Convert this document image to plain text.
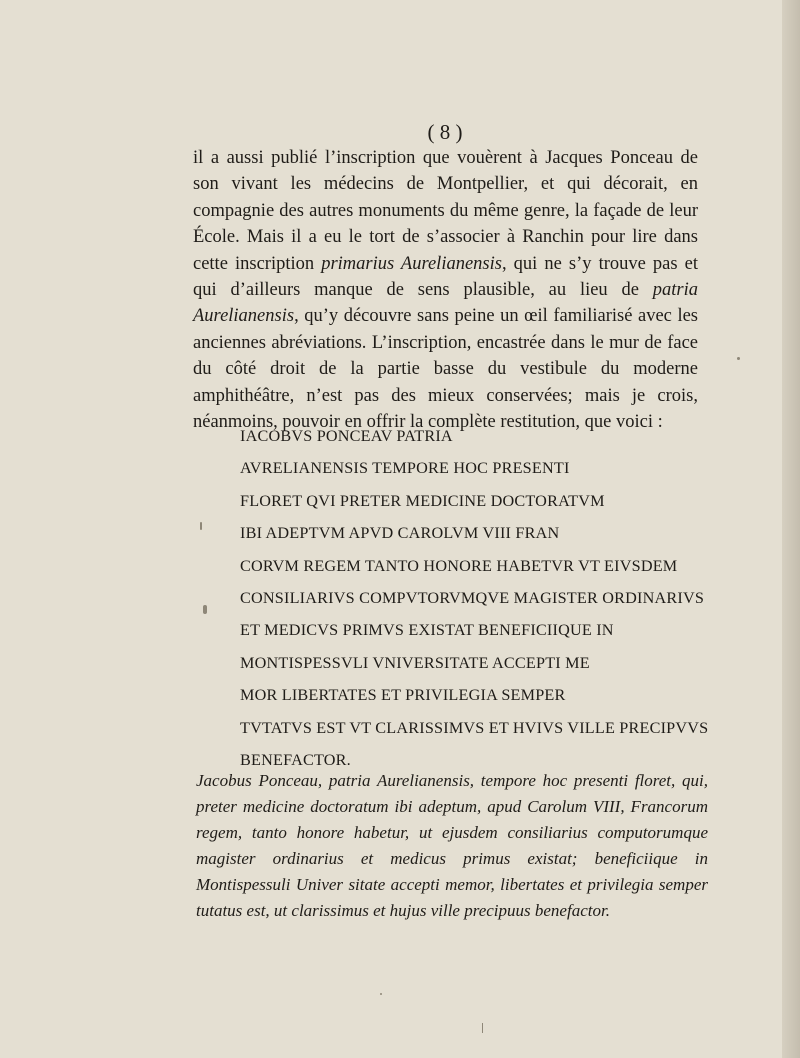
( 8 )

il a aussi publié l’inscription que vouèrent à Jacques Ponceau de son vivant les médecins de Montpellier, et qui décorait, en compagnie des autres monuments du même genre, la façade de leur École. Mais il a eu le tort de s’associer à Ranchin pour lire dans cette inscription primarius Aurelianensis, qui ne s’y trouve pas et qui d’ailleurs manque de sens plausible, au lieu de patria Aurelianensis, qu’y découvre sans peine un œil familiarisé avec les anciennes abréviations. L’inscription, encastrée dans le mur de face du côté droit de la partie basse du vestibule du moderne amphithéâtre, n’est pas des mieux conservées; mais je crois, néanmoins, pouvoir en offrir la complète restitution, que voici :

IACOBVS PONCEAV PATRIA
AVRELIANENSIS TEMPORE HOC PRESENTI
FLORET QVI PRETER MEDICINE DOCTORATVM
IBI ADEPTVM APVD CAROLVM VIII FRAN
CORVM REGEM TANTO HONORE HABETVR VT EIVSDEM
CONSILIARIVS COMPVTORVMQVE MAGISTER ORDINARIVS
ET MEDICVS PRIMVS EXISTAT BENEFICIIQUE IN
MONTISPESSVLI VNIVERSITATE ACCEPTI ME
MOR LIBERTATES ET PRIVILEGIA SEMPER
TVTATVS EST VT CLARISSIMVS ET HVIVS VILLE PRECIPVVS
BENEFACTOR.

Jacobus Ponceau, patria Aurelianensis, tempore hoc presenti floret, qui, preter medicine doctoratum ibi adeptum, apud Carolum VIII, Francorum regem, tanto honore habetur, ut ejusdem consiliarius computorumque magister ordinarius et medicus primus existat; beneficiique in Montispessuli Univer sitate accepti memor, libertates et privilegia semper tutatus est, ut clarissimus et hujus ville precipuus benefactor.
